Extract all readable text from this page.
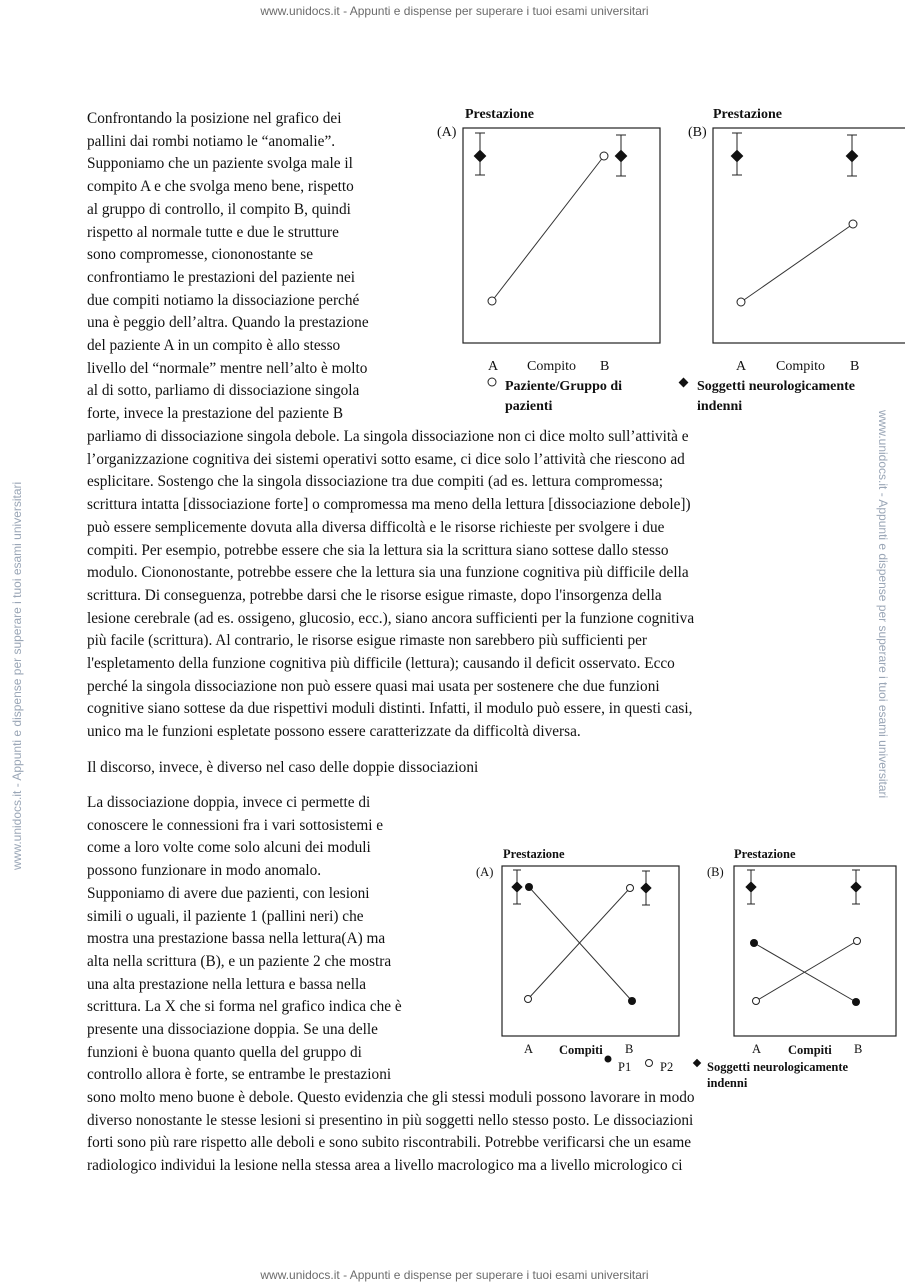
www.unidocs.it - Appunti e dispense per superare i tuoi esami universitari
www.unidocs.it - Appunti e dispense per superare i tuoi esami universitari
www.unidocs.it - Appunti e dispense per superare i tuoi esami universitari	www.unidocs.it - Appunti e dispense per superare i tuoi esami universitari
Confrontando la posizione nel grafico dei
pallini dai rombi notiamo le “anomalie”.
Supponiamo che un paziente svolga male il
compito A e che svolga meno bene, rispetto
al gruppo di controllo, il compito B, quindi
rispetto al normale tutte e due le strutture
sono compromesse, ciononostante se
confrontiamo le prestazioni del paziente nei
due compiti notiamo la dissociazione perché
una è peggio dell’altra. Quando la prestazione
del paziente A in un compito è allo stesso
livello del “normale” mentre nell’alto è molto
al di sotto, parliamo di dissociazione singola
forte, invece la prestazione del paziente B
parliamo di dissociazione singola debole. La singola dissociazione non ci dice molto sull’attività e
l’organizzazione cognitiva dei sistemi operativi sotto esame, ci dice solo l’attività che riescono ad
esplicitare. Sostengo che la singola dissociazione tra due compiti (ad es. lettura compromessa;
scrittura intatta [dissociazione forte] o compromessa ma meno della lettura [dissociazione debole])
può essere semplicemente dovuta alla diversa difficoltà e le risorse richieste per svolgere i due
compiti. Per esempio, potrebbe essere che sia la lettura sia la scrittura siano sottese dallo stesso
modulo. Ciononostante, potrebbe essere che la lettura sia una funzione cognitiva più difficile della
scrittura. Di conseguenza, potrebbe darsi che le risorse esigue rimaste, dopo l'insorgenza della
lesione cerebrale (ad es. ossigeno, glucosio, ecc.), siano ancora sufficienti per la funzione cognitiva
più facile (scrittura). Al contrario, le risorse esigue rimaste non sarebbero più sufficienti per
l'espletamento della funzione cognitiva più difficile (lettura); causando il deficit osservato. Ecco
perché la singola dissociazione non può essere quasi mai usata per sostenere che due funzioni
cognitive siano sottese da due rispettivi moduli distinti. Infatti, il modulo può essere, in questi casi,
unico ma le funzioni espletate possono essere caratterizzate da difficoltà diversa.
Il discorso, invece, è diverso nel caso delle doppie dissociazioni
La dissociazione doppia, invece ci permette di
conoscere le connessioni fra i vari sottosistemi e
come a loro volte come solo alcuni dei moduli
possono funzionare in modo anomalo.
Supponiamo di avere due pazienti, con lesioni
simili o uguali, il paziente 1 (pallini neri) che
mostra una prestazione bassa nella lettura(A) ma
alta nella scrittura (B), e un paziente 2 che mostra
una alta prestazione nella lettura e bassa nella
scrittura. La X che si forma nel grafico indica che è
presente una dissociazione doppia. Se una delle
funzioni è buona quanto quella del gruppo di
controllo allora è forte, se entrambe le prestazioni
sono molto meno buone è debole. Questo evidenzia che gli stessi moduli possono lavorare in modo
diverso nonostante le stesse lesioni si presentino in più soggetti nello stesso posto. Le dissociazioni
forti sono più rare rispetto alle deboli e sono subito riscontrabili. Potrebbe verificarsi che un esame
radiologico individui la lesione nella stessa area a livello macrologico ma a livello micrologico ci
Prestazione
(A)
A Compito B
Prestazione
(B)
A Compito B
Paziente/Gruppo di
pazienti
Soggetti neurologicamente
indenni
Prestazione
(A)
A Compiti B
Prestazione
(B)
A Compiti B
P1 P2	Soggetti neurologicamente
indenni
